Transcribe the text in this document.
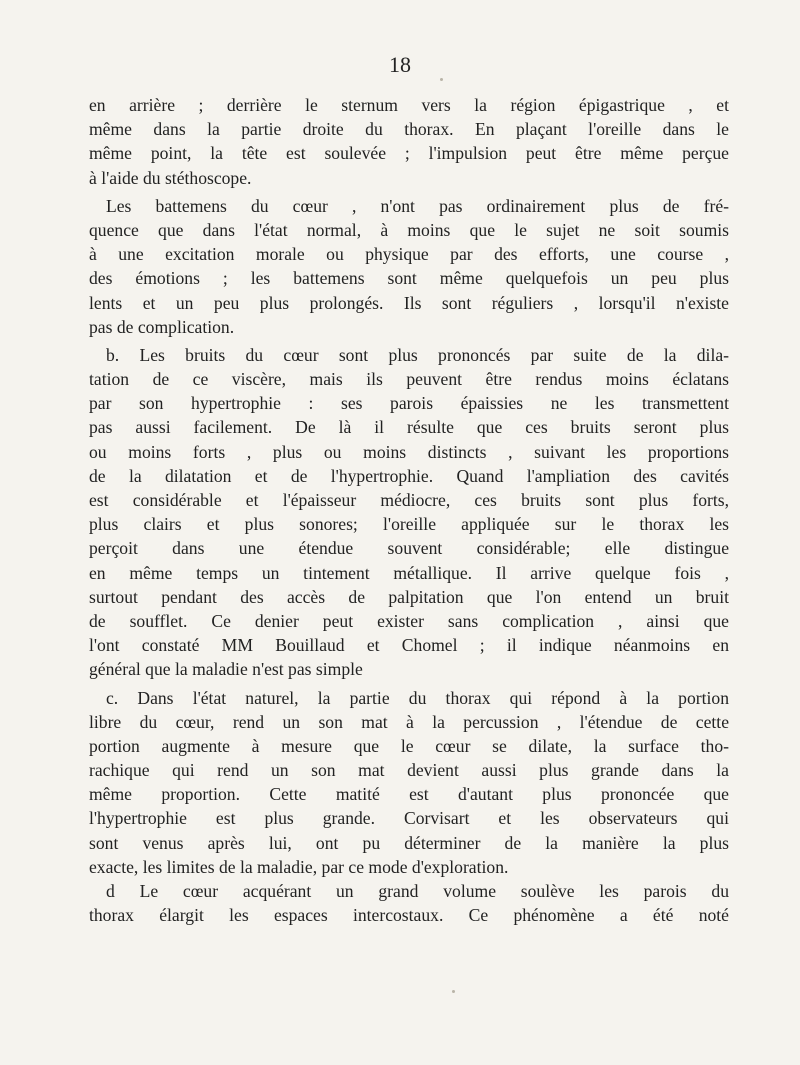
18
en arrière ; derrière le sternum vers la région épigastrique , et
même dans la partie droite du thorax. En plaçant l'oreille dans le
même point, la tête est soulevée ; l'impulsion peut être même perçue
à l'aide du stéthoscope.
Les battemens du cœur , n'ont pas ordinairement plus de fré-
quence que dans l'état normal, à moins que le sujet ne soit soumis
à une excitation morale ou physique par des efforts, une course ,
des émotions ; les battemens sont même quelquefois un peu plus
lents et un peu plus prolongés. Ils sont réguliers , lorsqu'il n'existe
pas de complication.
b. Les bruits du cœur sont plus prononcés par suite de la dila-
tation de ce viscère, mais ils peuvent être rendus moins éclatans
par son hypertrophie : ses parois épaissies ne les transmettent
pas aussi facilement. De là il résulte que ces bruits seront plus
ou moins forts , plus ou moins distincts , suivant les proportions
de la dilatation et de l'hypertrophie. Quand l'ampliation des cavités
est considérable et l'épaisseur médiocre, ces bruits sont plus forts,
plus clairs et plus sonores; l'oreille appliquée sur le thorax les
perçoit dans une étendue souvent considérable; elle distingue
en même temps un tintement métallique. Il arrive quelque fois ,
surtout pendant des accès de palpitation que l'on entend un bruit
de soufflet. Ce denier peut exister sans complication , ainsi que
l'ont constaté MM Bouillaud et Chomel ; il indique néanmoins en
général que la maladie n'est pas simple
c. Dans l'état naturel, la partie du thorax qui répond à la portion
libre du cœur, rend un son mat à la percussion , l'étendue de cette
portion augmente à mesure que le cœur se dilate, la surface tho-
rachique qui rend un son mat devient aussi plus grande dans la
même proportion. Cette matité est d'autant plus prononcée que
l'hypertrophie est plus grande. Corvisart et les observateurs qui
sont venus après lui, ont pu déterminer de la manière la plus
exacte, les limites de la maladie, par ce mode d'exploration.
d Le cœur acquérant un grand volume soulève les parois du
thorax élargit les espaces intercostaux. Ce phénomène a été noté
